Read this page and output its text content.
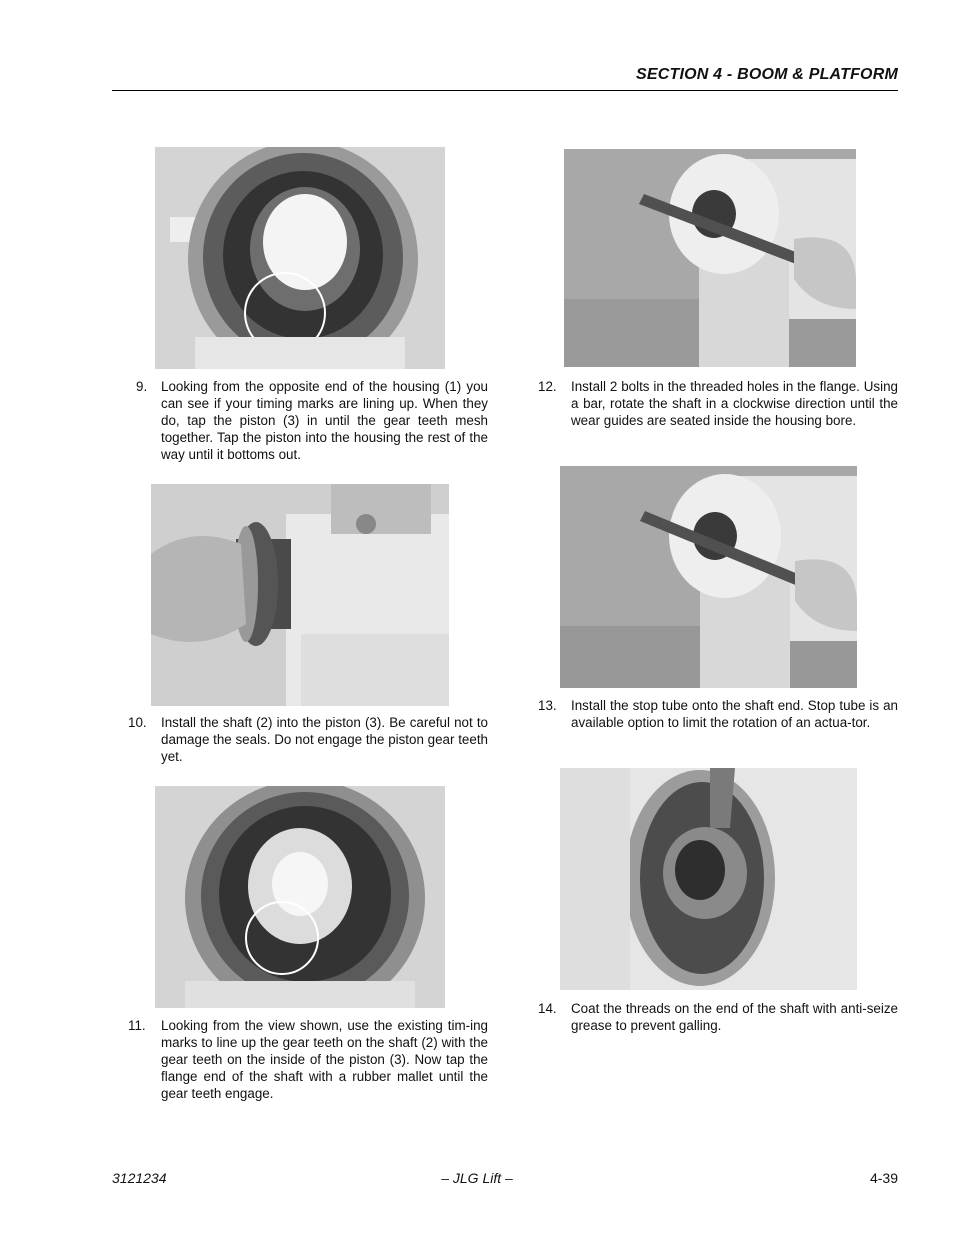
SECTION 4 - BOOM & PLATFORM
9. Looking from the opposite end of the housing (1) you can see if your timing marks are lining up. When they do, tap the piston (3) in until the gear teeth mesh together. Tap the piston into the housing the rest of the way until it bottoms out.
10. Install the shaft (2) into the piston (3). Be careful not to damage the seals. Do not engage the piston gear teeth yet.
11. Looking from the view shown, use the existing tim-ing marks to line up the gear teeth on the shaft (2) with the gear teeth on the inside of the piston (3). Now tap the flange end of the shaft with a rubber mallet until the gear teeth engage.
12. Install 2 bolts in the threaded holes in the flange. Using a bar, rotate the shaft in a clockwise direction until the wear guides are seated inside the housing bore.
13. Install the stop tube onto the shaft end. Stop tube is an available option to limit the rotation of an actua-tor.
14. Coat the threads on the end of the shaft with anti-seize grease to prevent galling.
3121234	– JLG Lift –	4-39
